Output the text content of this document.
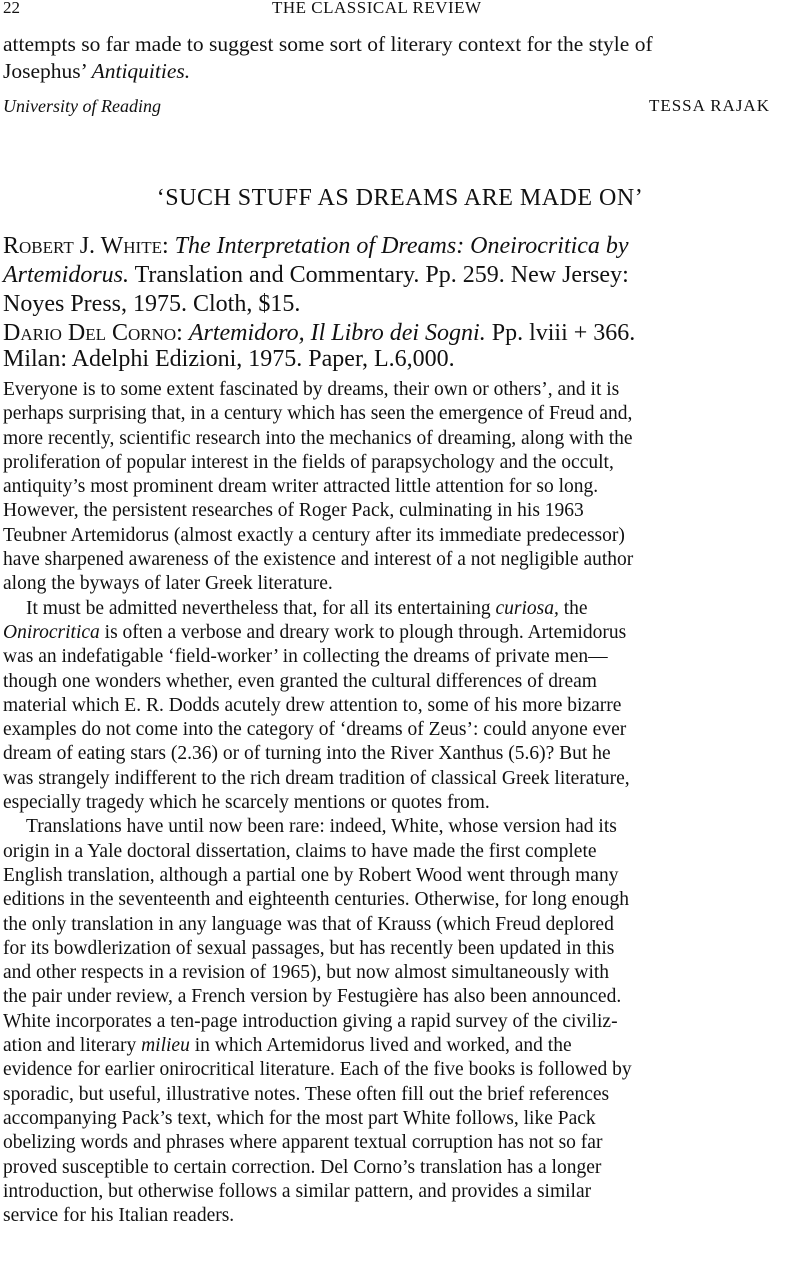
22	THE CLASSICAL REVIEW
attempts so far made to suggest some sort of literary context for the style of
Josephus’ Antiquities.
University of Reading	TESSA RAJAK
‘SUCH STUFF AS DREAMS ARE MADE ON’
Robert J. White: The Interpretation of Dreams: Oneirocritica by
Artemidorus. Translation and Commentary. Pp. 259. New Jersey:
Noyes Press, 1975. Cloth, $15.
Dario Del Corno: Artemidoro, Il Libro dei Sogni. Pp. lviii + 366.
Milan: Adelphi Edizioni, 1975. Paper, L.6,000.

Everyone is to some extent fascinated by dreams, their own or others’, and it is

perhaps surprising that, in a century which has seen the emergence of Freud and,

more recently, scientific research into the mechanics of dreaming, along with the

proliferation of popular interest in the fields of parapsychology and the occult,

antiquity’s most prominent dream writer attracted little attention for so long.

However, the persistent researches of Roger Pack, culminating in his 1963

Teubner Artemidorus (almost exactly a century after its immediate predecessor)

have sharpened awareness of the existence and interest of a not negligible author

along the byways of later Greek literature.

It must be admitted nevertheless that, for all its entertaining curiosa, the

Onirocritica is often a verbose and dreary work to plough through. Artemidorus

was an indefatigable ‘field-worker’ in collecting the dreams of private men—

though one wonders whether, even granted the cultural differences of dream

material which E. R. Dodds acutely drew attention to, some of his more bizarre

examples do not come into the category of ‘dreams of Zeus’: could anyone ever

dream of eating stars (2.36) or of turning into the River Xanthus (5.6)? But he

was strangely indifferent to the rich dream tradition of classical Greek literature,

especially tragedy which he scarcely mentions or quotes from.

Translations have until now been rare: indeed, White, whose version had its

origin in a Yale doctoral dissertation, claims to have made the first complete

English translation, although a partial one by Robert Wood went through many

editions in the seventeenth and eighteenth centuries. Otherwise, for long enough

the only translation in any language was that of Krauss (which Freud deplored

for its bowdlerization of sexual passages, but has recently been updated in this

and other respects in a revision of 1965), but now almost simultaneously with

the pair under review, a French version by Festugière has also been announced.

White incorporates a ten-page introduction giving a rapid survey of the civiliz-

ation and literary milieu in which Artemidorus lived and worked, and the

evidence for earlier onirocritical literature. Each of the five books is followed by

sporadic, but useful, illustrative notes. These often fill out the brief references

accompanying Pack’s text, which for the most part White follows, like Pack

obelizing words and phrases where apparent textual corruption has not so far

proved susceptible to certain correction. Del Corno’s translation has a longer

introduction, but otherwise follows a similar pattern, and provides a similar

service for his Italian readers.
